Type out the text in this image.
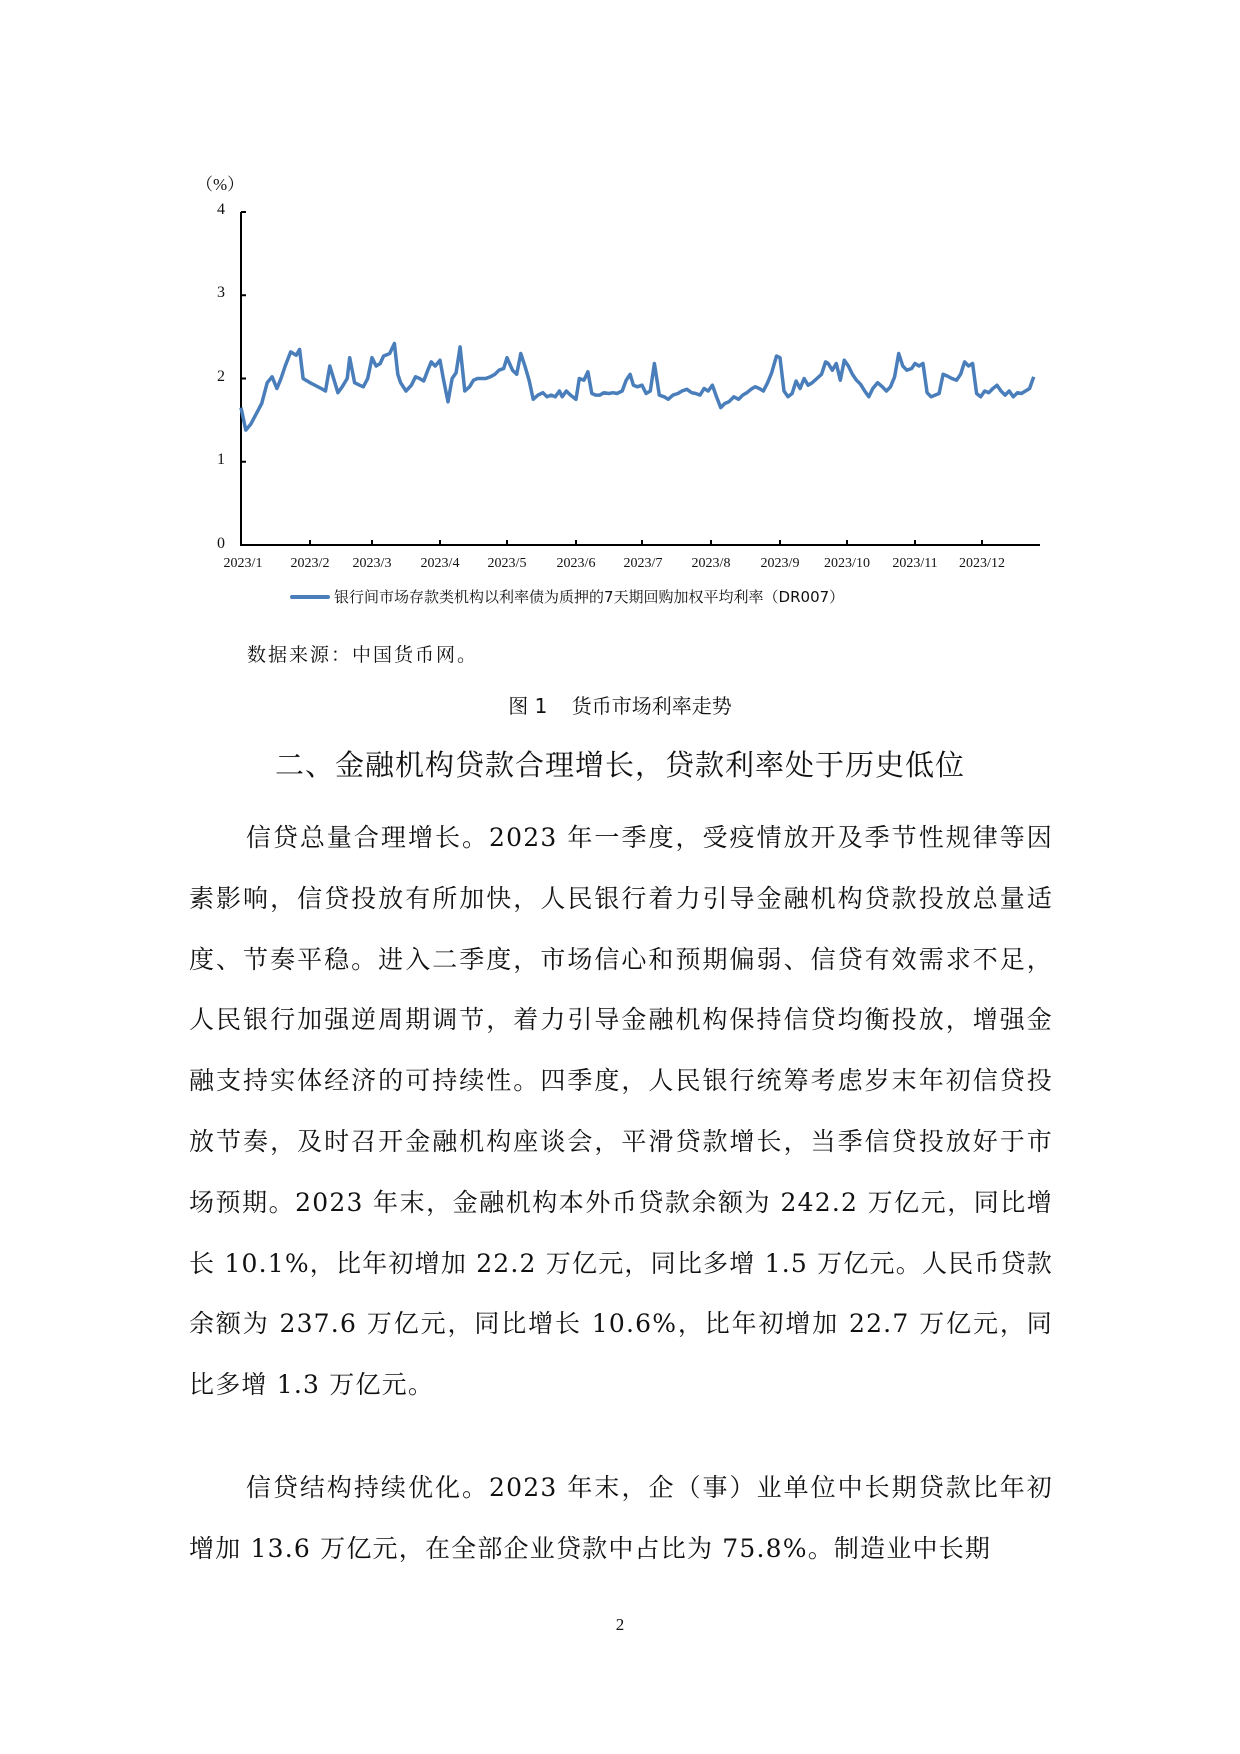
（%）
4
3
2
1
0
2023/1 2023/2 2023/3 2023/4 2023/5 2023/6 2023/7 2023/8 2023/9 2023/10 2023/11 2023/12
银行间市场存款类机构以利率债为质押的7天期回购加权平均利率（DR007）
数据来源：中国货币网。
图 1 货币市场利率走势
二、金融机构贷款合理增长，贷款利率处于历史低位
信贷总量合理增长。2023 年一季度，受疫情放开及季节性规律等因素影响，信贷投放有所加快，人民银行着力引导金融机构贷款投放总量适度、节奏平稳。进入二季度，市场信心和预期偏弱、信贷有效需求不足，人民银行加强逆周期调节，着力引导金融机构保持信贷均衡投放，增强金融支持实体经济的可持续性。四季度，人民银行统筹考虑岁末年初信贷投放节奏，及时召开金融机构座谈会，平滑贷款增长，当季信贷投放好于市场预期。2023 年末，金融机构本外币贷款余额为 242.2 万亿元，同比增长 10.1%，比年初增加 22.2 万亿元，同比多增 1.5 万亿元。人民币贷款余额为 237.6 万亿元，同比增长 10.6%，比年初增加 22.7 万亿元，同比多增 1.3 万亿元。
信贷结构持续优化。2023 年末，企（事）业单位中长期贷款比年初增加 13.6 万亿元，在全部企业贷款中占比为 75.8%。制造业中长期
2
